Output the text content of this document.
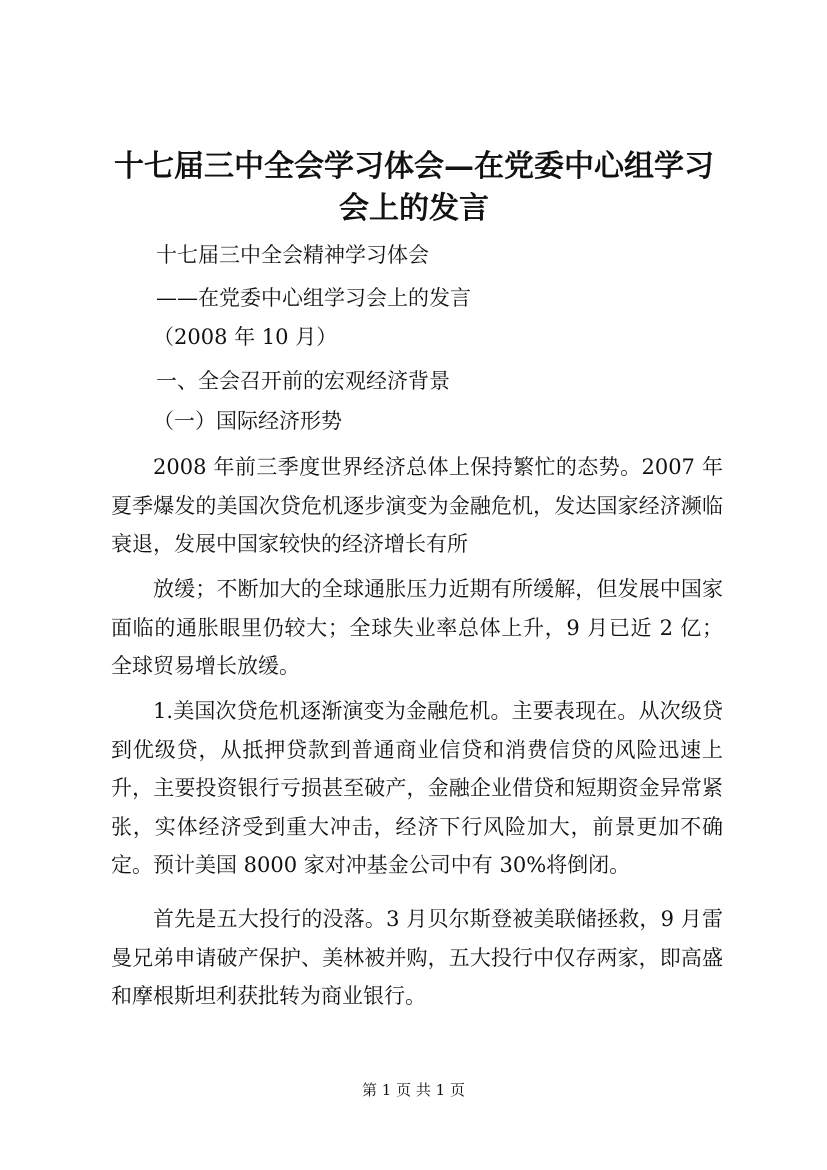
十七届三中全会学习体会—在党委中心组学习会上的发言
十七届三中全会精神学习体会
——在党委中心组学习会上的发言
（2008 年 10 月）
一、全会召开前的宏观经济背景
（一）国际经济形势
2008 年前三季度世界经济总体上保持繁忙的态势。2007 年夏季爆发的美国次贷危机逐步演变为金融危机，发达国家经济濒临衰退，发展中国家较快的经济增长有所
放缓；不断加大的全球通胀压力近期有所缓解，但发展中国家面临的通胀眼里仍较大；全球失业率总体上升，9 月已近 2 亿；全球贸易增长放缓。
1.美国次贷危机逐渐演变为金融危机。主要表现在。从次级贷到优级贷，从抵押贷款到普通商业信贷和消费信贷的风险迅速上升，主要投资银行亏损甚至破产，金融企业借贷和短期资金异常紧张，实体经济受到重大冲击，经济下行风险加大，前景更加不确定。预计美国 8000 家对冲基金公司中有 30%将倒闭。
首先是五大投行的没落。3 月贝尔斯登被美联储拯救，9 月雷曼兄弟申请破产保护、美林被并购，五大投行中仅存两家，即高盛和摩根斯坦利获批转为商业银行。
第 1 页 共 1 页
